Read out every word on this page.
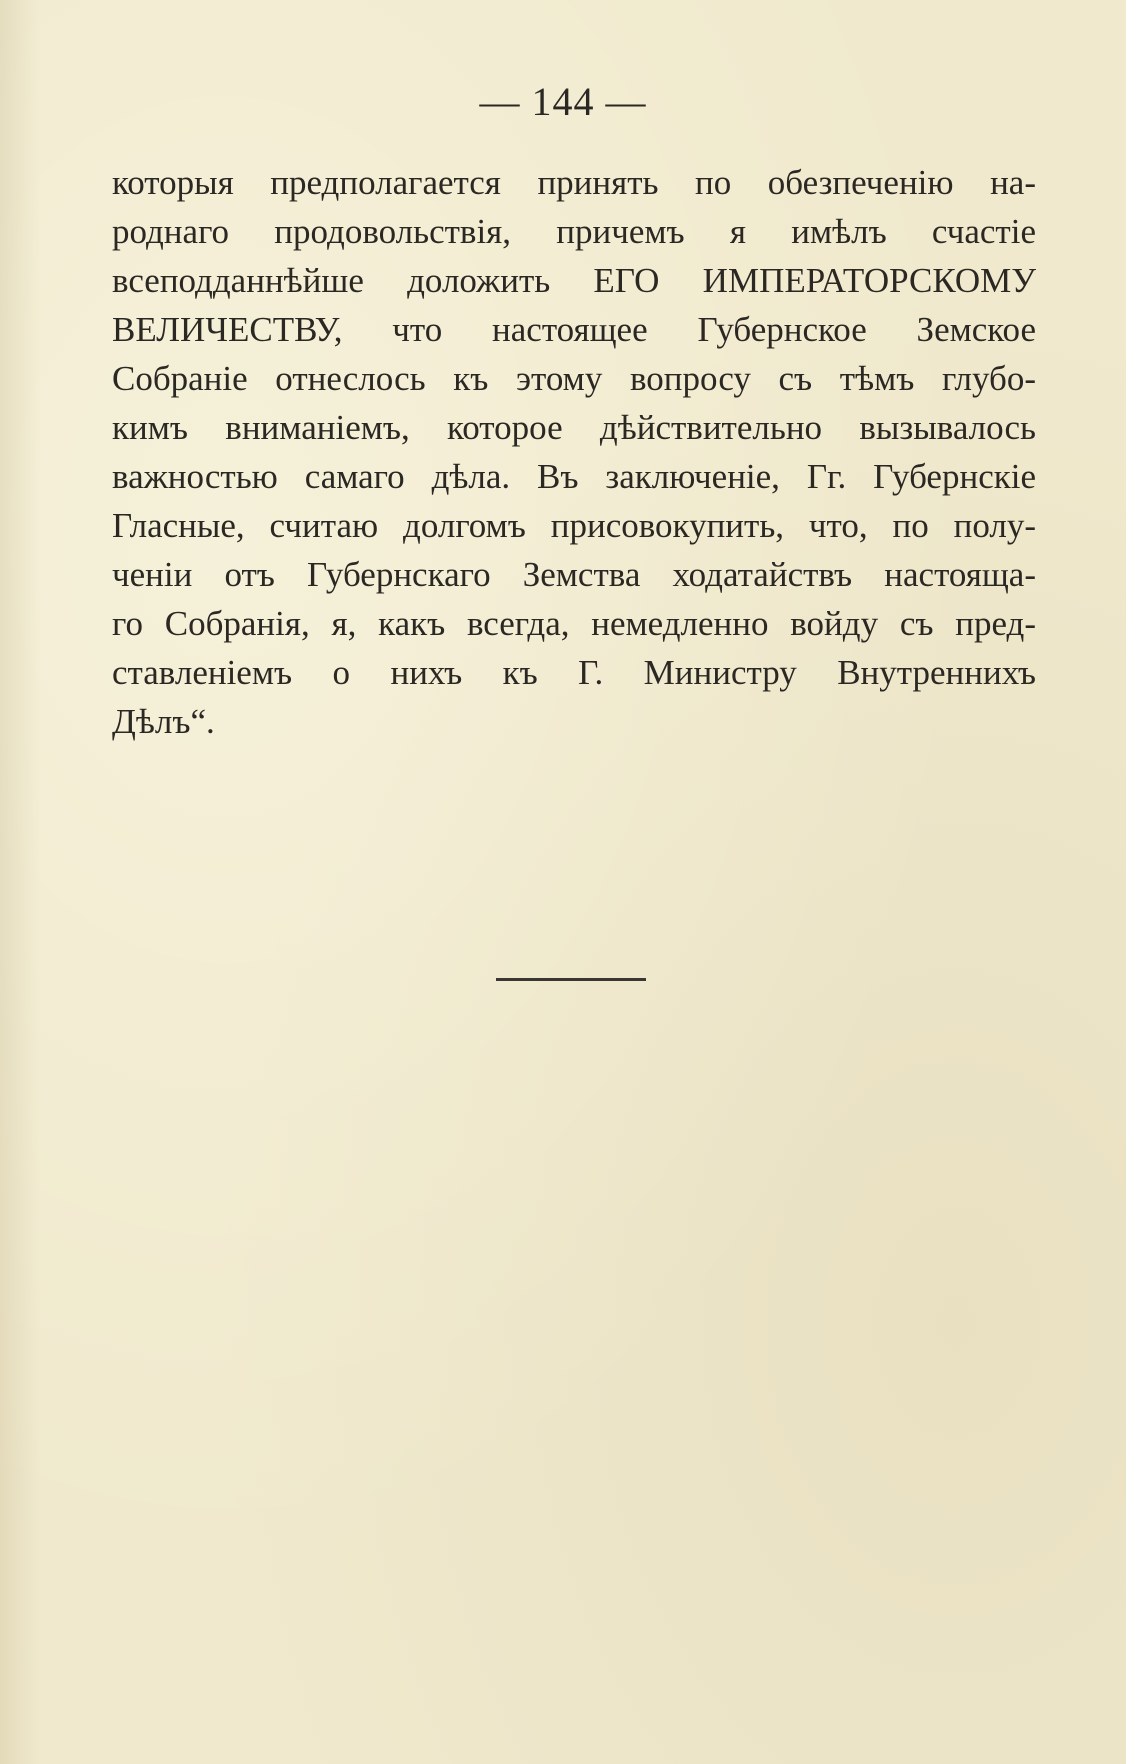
— 144 —
которыя предполагается принять по обезпеченію на-
роднаго продовольствія, причемъ я имѣлъ счастіе
всеподданнѣйше доложить ЕГО ИМПЕРАТОРСКОМУ
ВЕЛИЧЕСТВУ, что настоящее Губернское Земское
Собраніе отнеслось къ этому вопросу съ тѣмъ глубо-
кимъ вниманіемъ, которое дѣйствительно вызывалось
важностью самаго дѣла. Въ заключеніе, Гг. Губернскіе
Гласные, считаю долгомъ присовокупить, что, по полу-
ченіи отъ Губернскаго Земства ходатайствъ настояща-
го Собранія, я, какъ всегда, немедленно войду съ пред-
ставленіемъ о нихъ къ Г. Министру Внутреннихъ
Дѣлъ“.
